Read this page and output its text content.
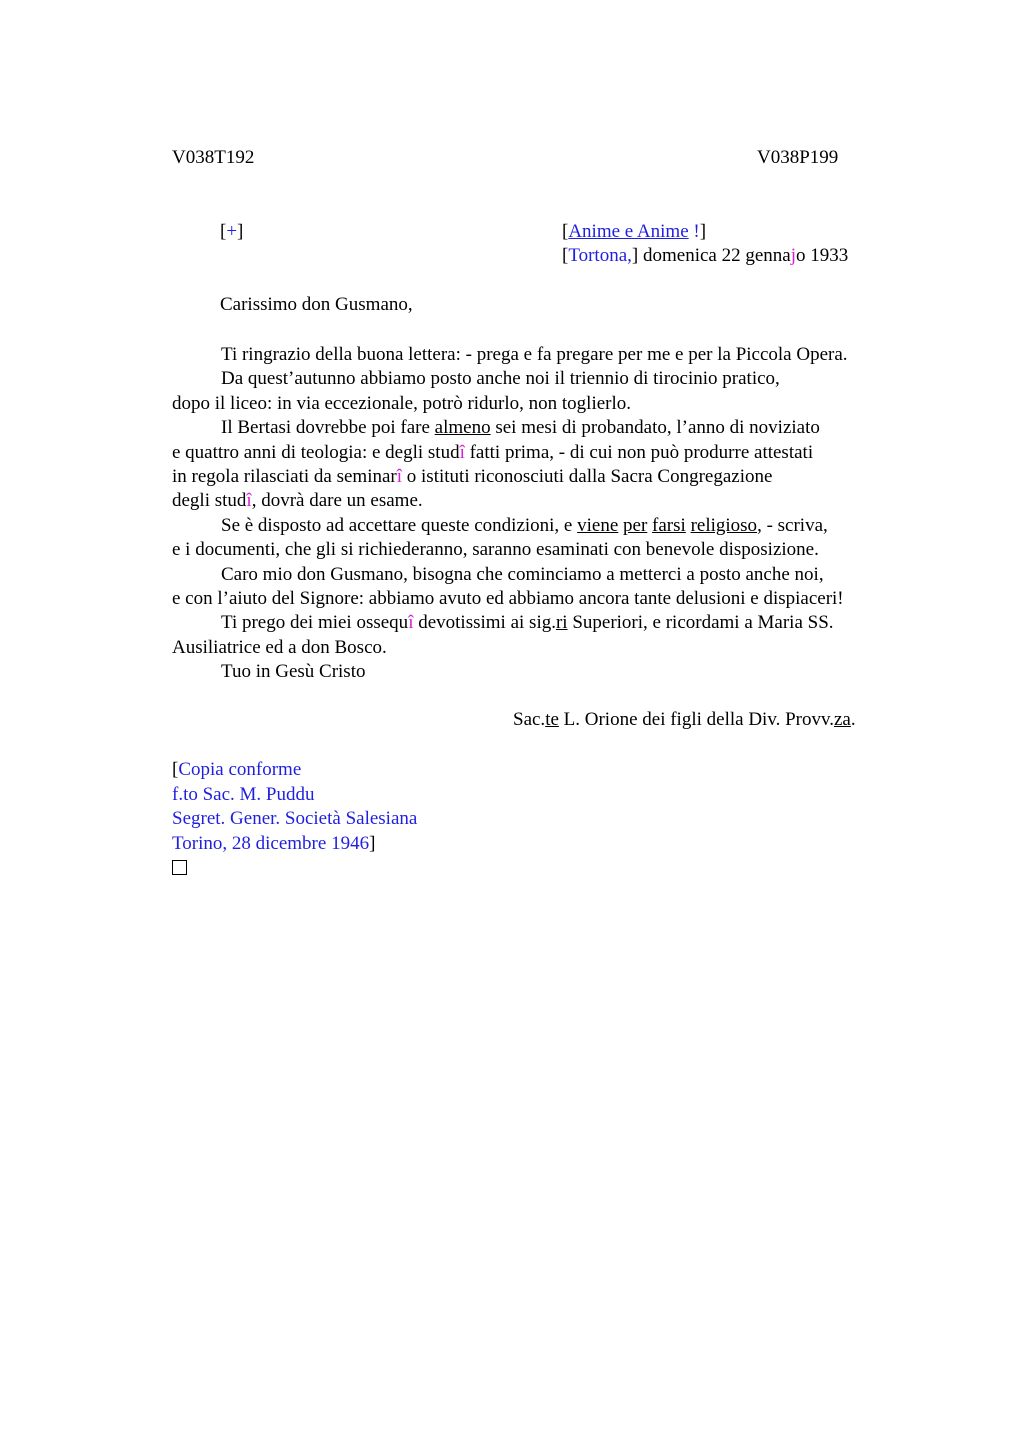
V038T192	V038P199
[+]	[Anime e Anime !]
[Tortona,] domenica 22 gennajo 1933
Carissimo don Gusmano,
Ti ringrazio della buona lettera: - prega e fa pregare per me e per la Piccola Opera.
Da quest’autunno abbiamo posto anche noi il triennio di tirocinio pratico,
dopo il liceo: in via eccezionale, potrò ridurlo, non toglierlo.
Il Bertasi dovrebbe poi fare almeno sei mesi di probandato, l’anno di noviziato
e quattro anni di teologia: e degli studî fatti prima, - di cui non può produrre attestati
in regola rilasciati da seminarî o istituti riconosciuti dalla Sacra Congregazione
degli studî, dovrà dare un esame.
Se è disposto ad accettare queste condizioni, e viene per farsi religioso, - scriva,
e i documenti, che gli si richiederanno, saranno esaminati con benevole disposizione.
Caro mio don Gusmano, bisogna che cominciamo a metterci a posto anche noi,
e con l’aiuto del Signore: abbiamo avuto ed abbiamo ancora tante delusioni e dispiaceri!
Ti prego dei miei ossequî devotissimi ai sig.ri Superiori, e ricordami a Maria SS.
Ausiliatrice ed a don Bosco.
Tuo in Gesù Cristo
Sac.te L. Orione dei figli della Div. Provv.za.
[Copia conforme
f.to Sac. M. Puddu
Segret. Gener. Società Salesiana
Torino, 28 dicembre 1946]
